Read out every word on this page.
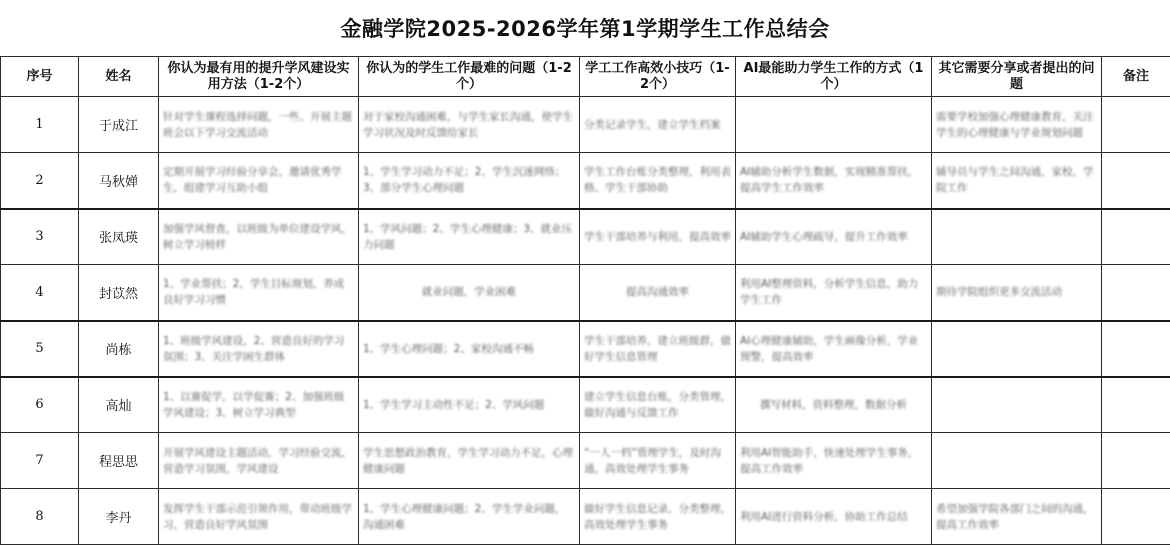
金融学院2025-2026学年第1学期学生工作总结会
序号	姓名	你认为最有用的提升学风建设实用方法（1-2个）	你认为的学生工作最难的问题（1-2个）	学工工作高效小技巧（1-2个）	AI最能助力学生工作的方式（1个）	其它需要分享或者提出的问题	备注
1	于成江	针对学生课程选择问题，一些、开展主题班会以下学习交流活动	对于家校沟通困难，与学生家长沟通，使学生学习状况及时反馈给家长	分类记录学生，建立学生档案		需要学校加强心理健康教育，关注学生的心理健康与学业规划问题	
2	马秋婵	定期开展学习经验分享会，邀请优秀学生，组建学习互助小组	1、学生学习动力不足；2、学生沉迷网络；3、部分学生心理问题	学生工作台账分类整理，利用表格、学生干部协助	AI辅助分析学生数据，实现精准帮扶，提高学生工作效率	辅导员与学生之间沟通，家校，学院工作	
3	张凤瑛	加强学风督查，以班级为单位建设学风，树立学习榜样	1、学风问题；2、学生心理健康；3、就业压力问题	学生干部培养与利用，提高效率	AI辅助学生心理疏导，提升工作效率		
4	封苡然	1、学业帮扶；2、学生目标规划，养成良好学习习惯	就业问题，学业困难	提高沟通效率	利用AI整理资料，分析学生信息，助力学生工作	期待学院组织更多交流活动	
5	尚栋	1、班级学风建设，2、营造良好的学习氛围；3、关注学困生群体	1、学生心理问题；2、家校沟通不畅	学生干部培养，建立班级群，做好学生信息管理	AI心理健康辅助，学生画像分析，学业预警，提高效率		
6	高灿	1、以赛促学，以学促赛；2、加强班级学风建设；3、树立学习典型	1、学生学习主动性不足；2、学风问题	建立学生信息台账，分类管理，做好沟通与反馈工作	撰写材料，资料整理，数据分析		
7	程思思	开展学风建设主题活动，学习经验交流，营造学习氛围，学风建设	学生思想政治教育，学生学习动力不足，心理健康问题	“一人一档”管理学生，及时沟通，高效处理学生事务	利用AI智能助手，快速处理学生事务，提高工作效率		
8	李丹	发挥学生干部示范引领作用，带动班级学习，营造良好学风氛围	1、学生心理健康问题；2、学生学业问题，沟通困难	做好学生信息记录，分类整理，高效处理学生事务	利用AI进行资料分析，协助工作总结	希望加强学院各部门之间的沟通，提高工作效率	
